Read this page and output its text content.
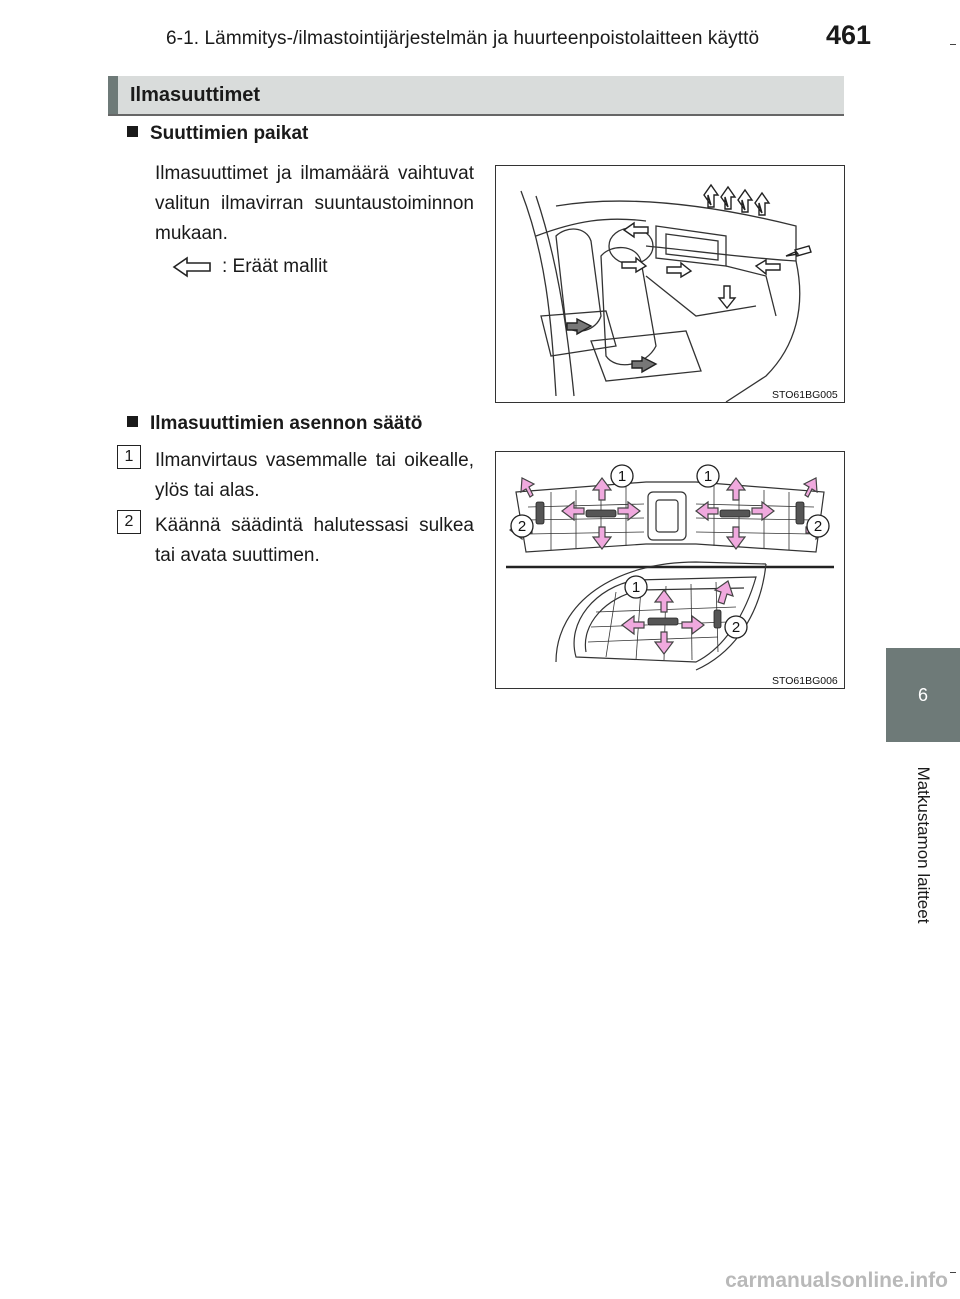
6-1. Lämmitys-/ilmastointijärjestelmän ja huurteenpoistolaitteen käyttö 461
Ilmasuuttimet
Suuttimien paikat
Ilmasuuttimet ja ilmamäärä vaihtuvat valitun ilmavirran suuntaustoiminnon mukaan.
: Eräät mallit
STO61BG005
Ilmasuuttimien asennon säätö
1	Ilmanvirtaus vasemmalle tai oikealle, ylös tai alas.
2	Käännä säädintä halutessasi sulkea tai avata suuttimen.
1	1
2	2
1
2
STO61BG006
6
Matkustamon laitteet
carmanualsonline.info
